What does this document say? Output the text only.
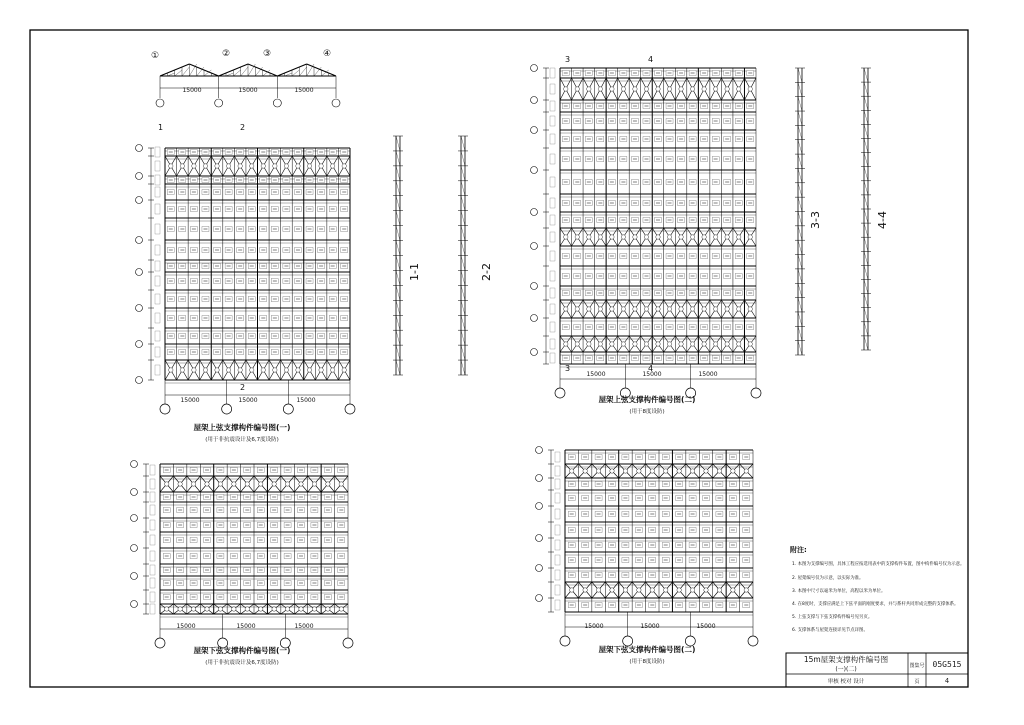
15000	15000	15000
①	②	③	④
15000	15000	15000
15000	15000	15000
15000	15000	15000	15000	15000	15000
1	2
2
3	4
3	4
1-1	2-2
3-3	4-4
屋架上弦支撑构件编号图(一)
(用于非抗震设计及6,7度设防)
屋架上弦支撑构件编号图(二)
(用于8度设防)
屋架下弦支撑构件编号图(一)
(用于非抗震设计及6,7度设防)
屋架下弦支撑构件编号图(二)
(用于8度设防)
附注:
1. 本图为支撑编号图，具体工程应按选用表中的支撑构件布置，图中构件编号仅为示意。
2. 屋架编号仅为示意，以实际为准。
3. 本图中尺寸以毫米为单位，高程以米为单位。
4. 在8度时，支撑应满足上下弦平面的刚度要求，并与系杆共同形成完整的支撑体系。
5. 上弦支撑与下弦支撑构件编号见另页。
6. 支撑体系与屋架连接详见节点详图。
15m屋架支撑构件编号图
(一)(二)
审核 校对 设计
图集号 05G515
页	4
